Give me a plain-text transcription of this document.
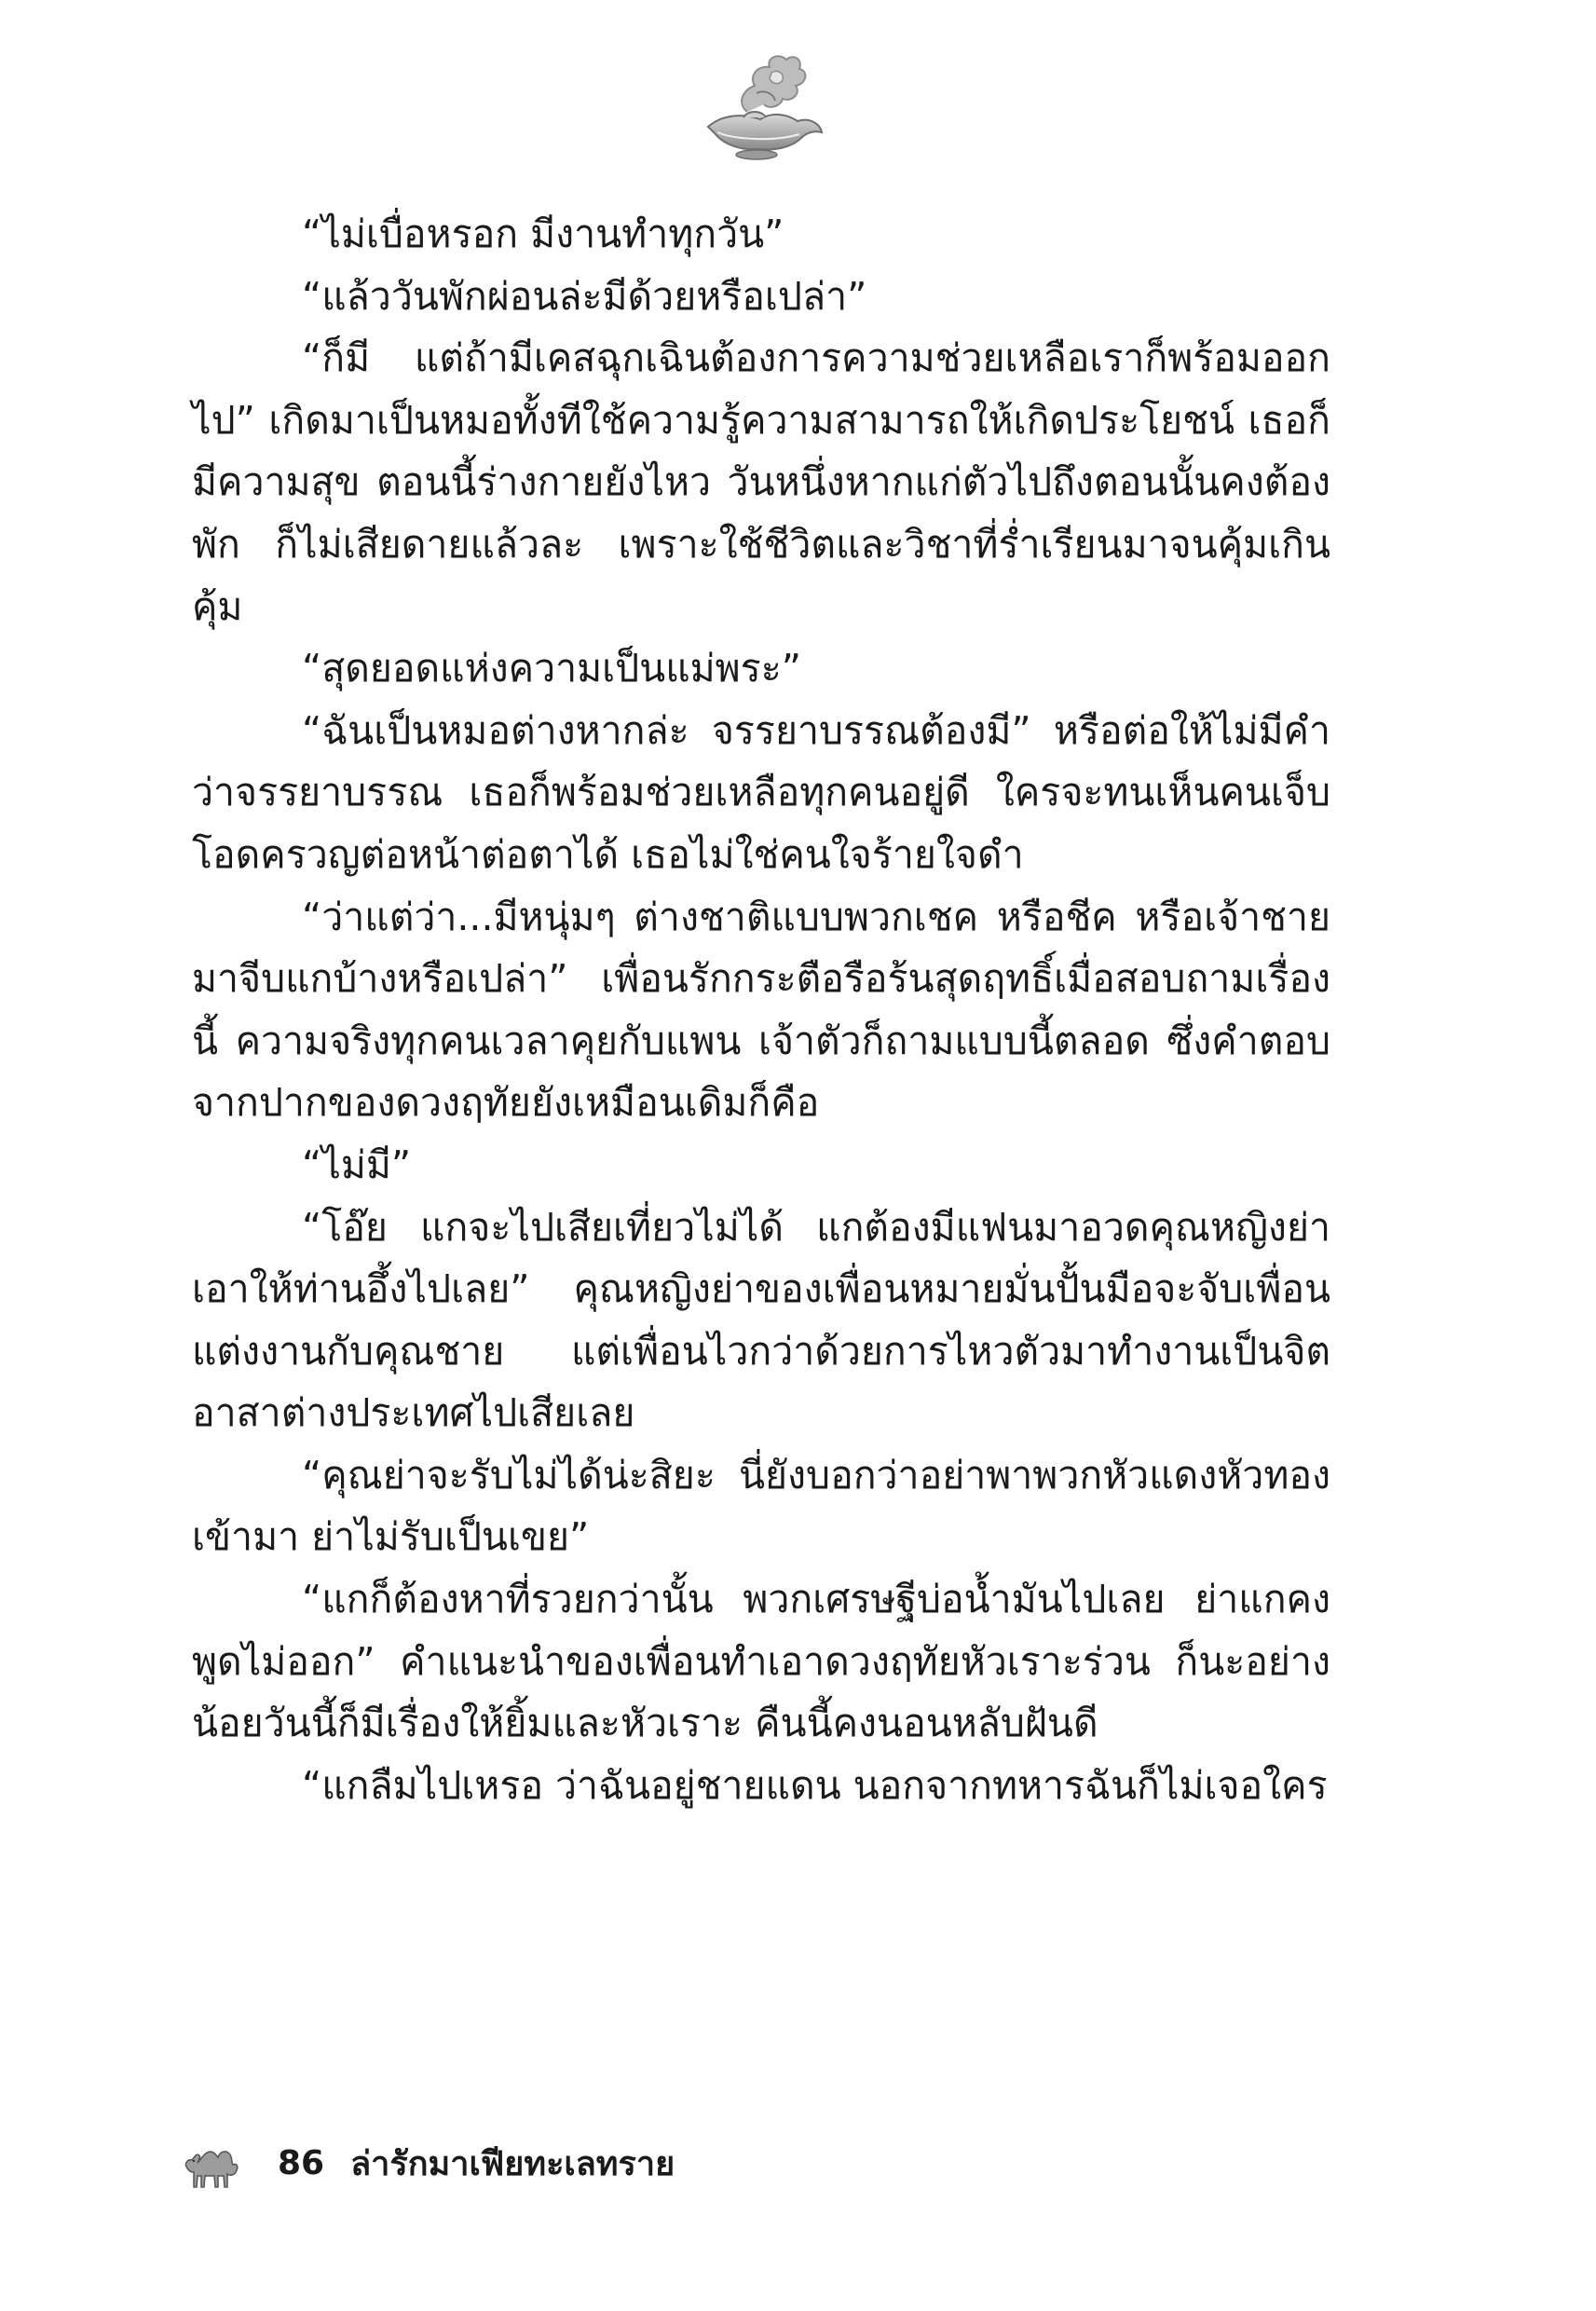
“ไม่เบื่อหรอก มีงานทำทุกวัน”

“แล้ววันพักผ่อนล่ะมีด้วยหรือเปล่า”

“ก็มี แต่ถ้ามีเคสฉุกเฉินต้องการความช่วยเหลือเราก็พร้อมออกไป” เกิดมาเป็นหมอทั้งทีใช้ความรู้ความสามารถให้เกิดประโยชน์ เธอก็มีความสุข ตอนนี้ร่างกายยังไหว วันหนึ่งหากแก่ตัวไปถึงตอนนั้นคงต้องพัก ก็ไม่เสียดายแล้วละ เพราะใช้ชีวิตและวิชาที่ร่ำเรียนมาจนคุ้มเกินคุ้ม

“สุดยอดแห่งความเป็นแม่พระ”

“ฉันเป็นหมอต่างหากล่ะ จรรยาบรรณต้องมี” หรือต่อให้ไม่มีคำว่าจรรยาบรรณ เธอก็พร้อมช่วยเหลือทุกคนอยู่ดี ใครจะทนเห็นคนเจ็บโอดครวญต่อหน้าต่อตาได้ เธอไม่ใช่คนใจร้ายใจดำ

“ว่าแต่ว่า...มีหนุ่มๆ ต่างชาติแบบพวกเชค หรือชีค หรือเจ้าชายมาจีบแกบ้างหรือเปล่า” เพื่อนรักกระตือรือร้นสุดฤทธิ์เมื่อสอบถามเรื่องนี้ ความจริงทุกคนเวลาคุยกับแพน เจ้าตัวก็ถามแบบนี้ตลอด ซึ่งคำตอบจากปากของดวงฤทัยยังเหมือนเดิมก็คือ

“ไม่มี”

“โอ๊ย แกจะไปเสียเที่ยวไม่ได้ แกต้องมีแฟนมาอวดคุณหญิงย่าเอาให้ท่านอึ้งไปเลย” คุณหญิงย่าของเพื่อนหมายมั่นปั้นมือจะจับเพื่อนแต่งงานกับคุณชาย แต่เพื่อนไวกว่าด้วยการไหวตัวมาทำงานเป็นจิตอาสาต่างประเทศไปเสียเลย

“คุณย่าจะรับไม่ได้น่ะสิยะ นี่ยังบอกว่าอย่าพาพวกหัวแดงหัวทองเข้ามา ย่าไม่รับเป็นเขย”

“แกก็ต้องหาที่รวยกว่านั้น พวกเศรษฐีบ่อน้ำมันไปเลย ย่าแกคงพูดไม่ออก” คำแนะนำของเพื่อนทำเอาดวงฤทัยหัวเราะร่วน ก็นะอย่างน้อยวันนี้ก็มีเรื่องให้ยิ้มและหัวเราะ คืนนี้คงนอนหลับฝันดี

“แกลืมไปเหรอ ว่าฉันอยู่ชายแดน นอกจากทหารฉันก็ไม่เจอใคร

86 ล่ารักมาเฟียทะเลทราย
